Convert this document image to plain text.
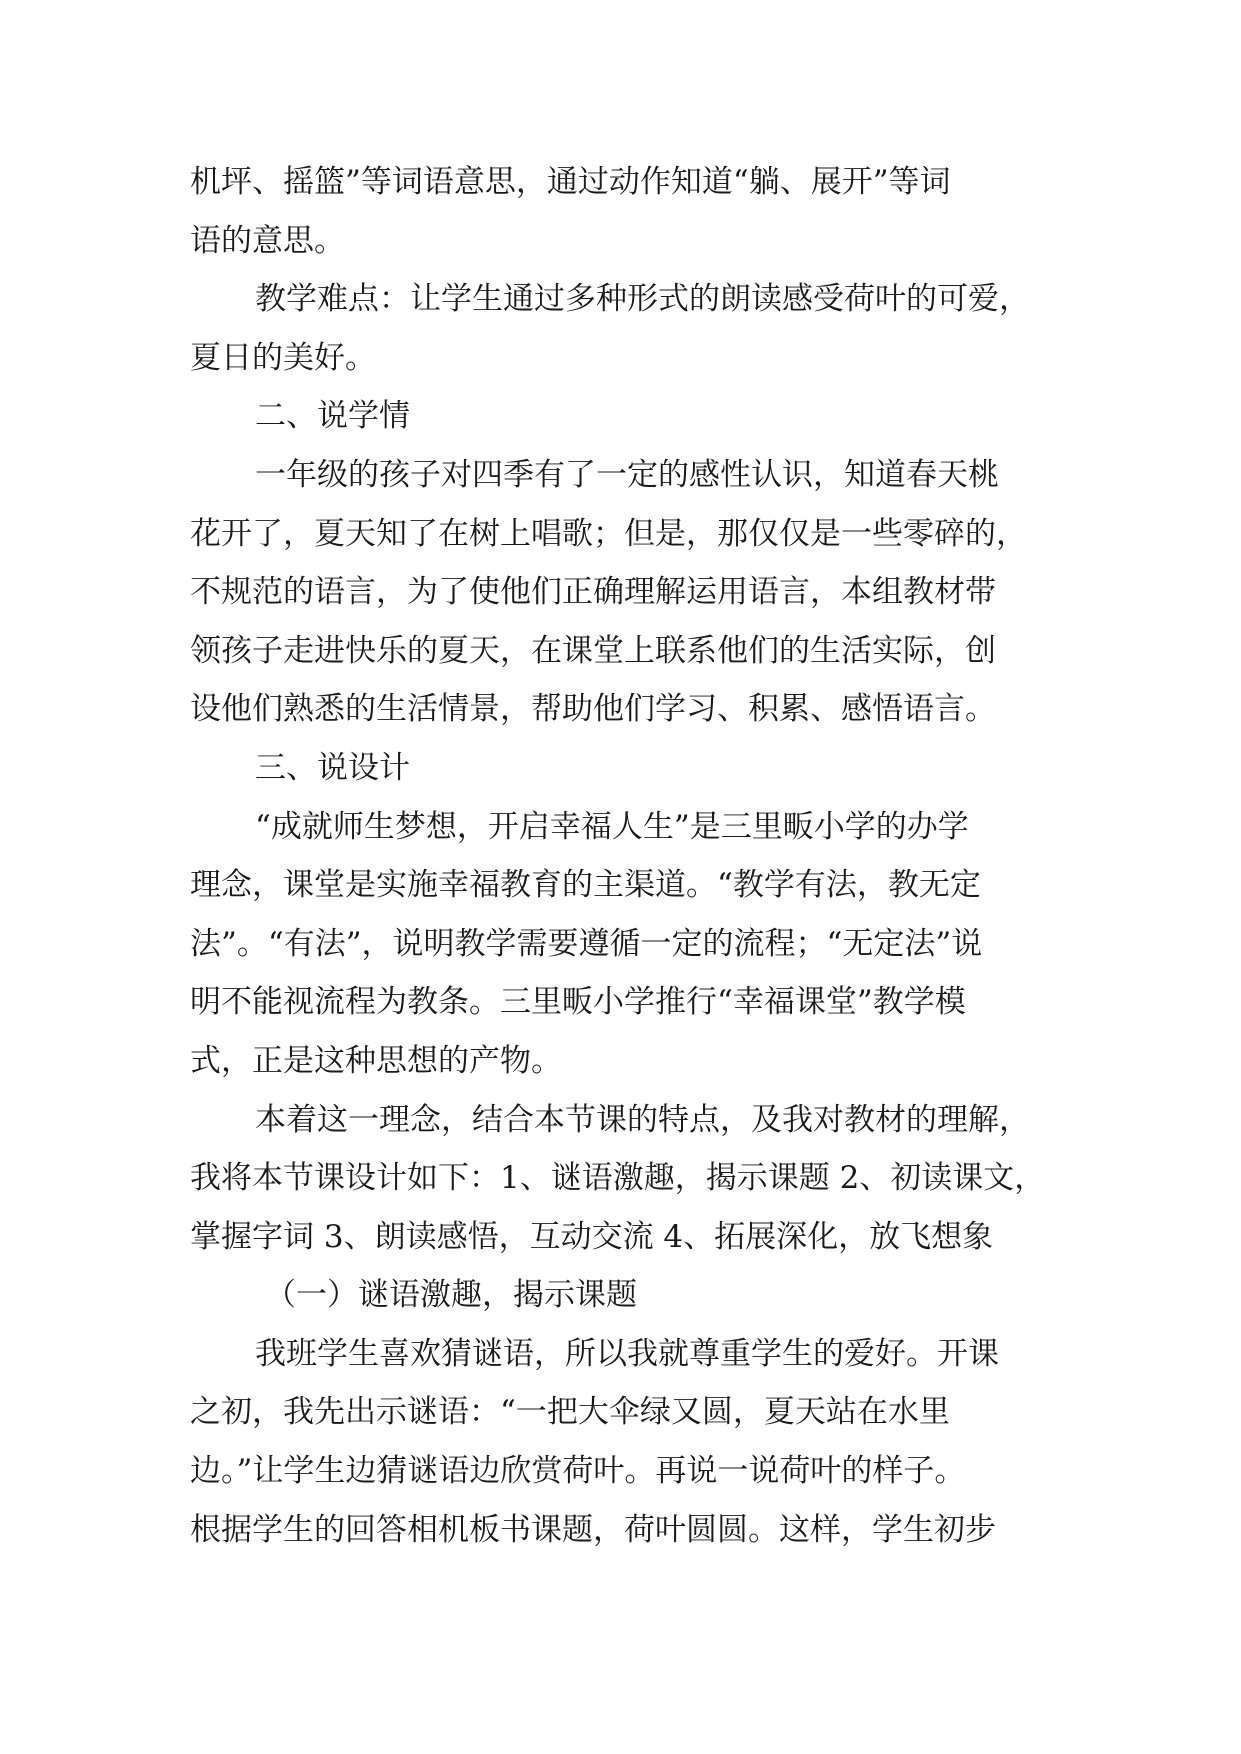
机坪、摇篮”等词语意思，通过动作知道“躺、展开”等词
语的意思。
教学难点：让学生通过多种形式的朗读感受荷叶的可爱，
夏日的美好。
二、说学情
一年级的孩子对四季有了一定的感性认识，知道春天桃
花开了，夏天知了在树上唱歌；但是，那仅仅是一些零碎的，
不规范的语言，为了使他们正确理解运用语言，本组教材带
领孩子走进快乐的夏天，在课堂上联系他们的生活实际，创
设他们熟悉的生活情景，帮助他们学习、积累、感悟语言。
三、说设计
“成就师生梦想，开启幸福人生”是三里畈小学的办学
理念，课堂是实施幸福教育的主渠道。“教学有法，教无定
法”。“有法”，说明教学需要遵循一定的流程；“无定法”说
明不能视流程为教条。三里畈小学推行“幸福课堂”教学模
式，正是这种思想的产物。
本着这一理念，结合本节课的特点，及我对教材的理解，
我将本节课设计如下：1、谜语激趣，揭示课题 2、初读课文，
掌握字词 3、朗读感悟，互动交流 4、拓展深化，放飞想象
（一）谜语激趣，揭示课题
我班学生喜欢猜谜语，所以我就尊重学生的爱好。开课
之初，我先出示谜语：“一把大伞绿又圆，夏天站在水里
边。”让学生边猜谜语边欣赏荷叶。再说一说荷叶的样子。
根据学生的回答相机板书课题，荷叶圆圆。这样，学生初步
